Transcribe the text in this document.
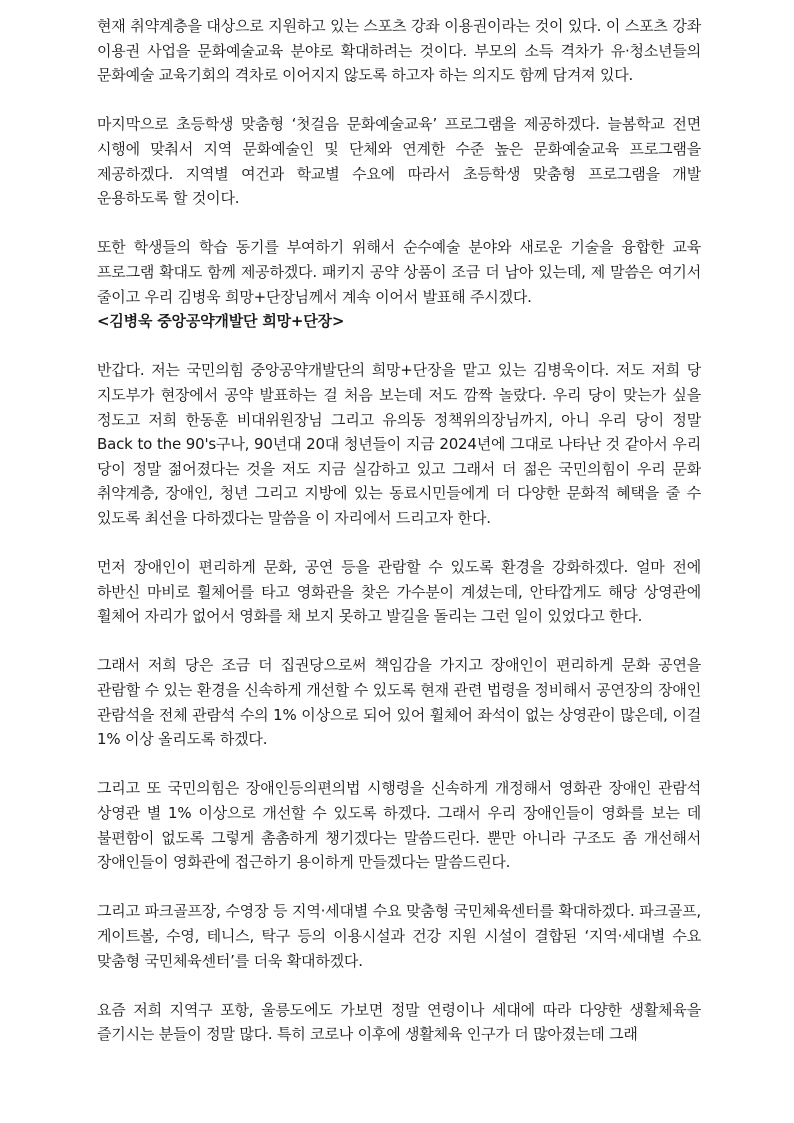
현재 취약계층을 대상으로 지원하고 있는 스포츠 강좌 이용권이라는 것이 있다. 이 스포츠 강좌 이용권 사업을 문화예술교육 분야로 확대하려는 것이다. 부모의 소득 격차가 유·청소년들의 문화예술 교육기회의 격차로 이어지지 않도록 하고자 하는 의지도 함께 담겨져 있다.

마지막으로 초등학생 맞춤형 ‘첫걸음 문화예술교육’ 프로그램을 제공하겠다. 늘봄학교 전면 시행에 맞춰서 지역 문화예술인 및 단체와 연계한 수준 높은 문화예술교육 프로그램을 제공하겠다. 지역별 여건과 학교별 수요에 따라서 초등학생 맞춤형 프로그램을 개발 운용하도록 할 것이다.

또한 학생들의 학습 동기를 부여하기 위해서 순수예술 분야와 새로운 기술을 융합한 교육 프로그램 확대도 함께 제공하겠다. 패키지 공약 상품이 조금 더 남아 있는데, 제 말씀은 여기서 줄이고 우리 김병욱 희망+단장님께서 계속 이어서 발표해 주시겠다.

<김병욱 중앙공약개발단 희망+단장>

반갑다. 저는 국민의힘 중앙공약개발단의 희망+단장을 맡고 있는 김병욱이다. 저도 저희 당 지도부가 현장에서 공약 발표하는 걸 처음 보는데 저도 깜짝 놀랐다. 우리 당이 맞는가 싶을 정도고 저희 한동훈 비대위원장님 그리고 유의동 정책위의장님까지, 아니 우리 당이 정말 Back to the 90's구나, 90년대 20대 청년들이 지금 2024년에 그대로 나타난 것 같아서 우리 당이 정말 젊어졌다는 것을 저도 지금 실감하고 있고 그래서 더 젊은 국민의힘이 우리 문화 취약계층, 장애인, 청년 그리고 지방에 있는 동료시민들에게 더 다양한 문화적 혜택을 줄 수 있도록 최선을 다하겠다는 말씀을 이 자리에서 드리고자 한다.

먼저 장애인이 편리하게 문화, 공연 등을 관람할 수 있도록 환경을 강화하겠다. 얼마 전에 하반신 마비로 휠체어를 타고 영화관을 찾은 가수분이 계셨는데, 안타깝게도 해당 상영관에 휠체어 자리가 없어서 영화를 채 보지 못하고 발길을 돌리는 그런 일이 있었다고 한다.

그래서 저희 당은 조금 더 집권당으로써 책임감을 가지고 장애인이 편리하게 문화 공연을 관람할 수 있는 환경을 신속하게 개선할 수 있도록 현재 관련 법령을 정비해서 공연장의 장애인 관람석을 전체 관람석 수의 1% 이상으로 되어 있어 휠체어 좌석이 없는 상영관이 많은데, 이걸 1% 이상 올리도록 하겠다.

그리고 또 국민의힘은 장애인등의편의법 시행령을 신속하게 개정해서 영화관 장애인 관람석 상영관 별 1% 이상으로 개선할 수 있도록 하겠다. 그래서 우리 장애인들이 영화를 보는 데 불편함이 없도록 그렇게 촘촘하게 챙기겠다는 말씀드린다. 뿐만 아니라 구조도 좀 개선해서 장애인들이 영화관에 접근하기 용이하게 만들겠다는 말씀드린다.

그리고 파크골프장, 수영장 등 지역·세대별 수요 맞춤형 국민체육센터를 확대하겠다. 파크골프, 게이트볼, 수영, 테니스, 탁구 등의 이용시설과 건강 지원 시설이 결합된 ‘지역·세대별 수요 맞춤형 국민체육센터’를 더욱 확대하겠다.

요즘 저희 지역구 포항, 울릉도에도 가보면 정말 연령이나 세대에 따라 다양한 생활체육을 즐기시는 분들이 정말 많다. 특히 코로나 이후에 생활체육 인구가 더 많아졌는데 그래
